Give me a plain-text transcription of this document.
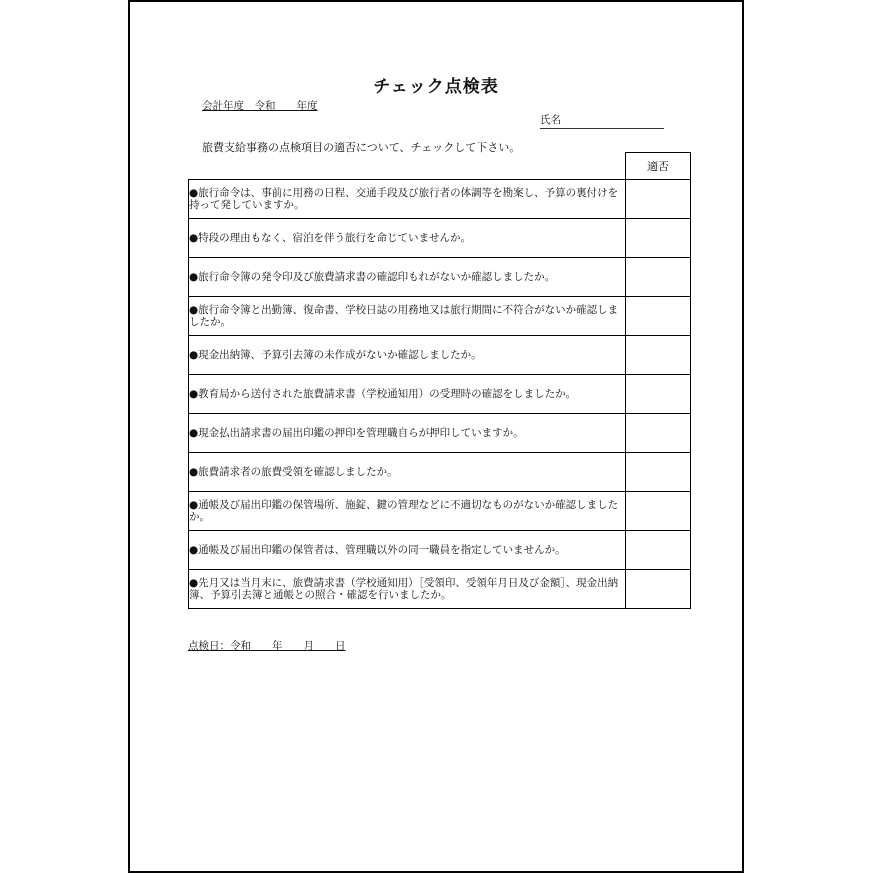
チェック点検表
会計年度　令和　　年度
氏名
旅費支給事務の点検項目の適否について、チェックして下さい。
	適否
●旅行命令は、事前に用務の日程、交通手段及び旅行者の体調等を勘案し、予算の裏付けを持って発していますか。	
●特段の理由もなく、宿泊を伴う旅行を命じていませんか。	
●旅行命令簿の発令印及び旅費請求書の確認印もれがないか確認しましたか。	
●旅行命令簿と出勤簿、復命書、学校日誌の用務地又は旅行期間に不符合がないか確認しましたか。	
●現金出納簿、予算引去簿の未作成がないか確認しましたか。	
●教育局から送付された旅費請求書（学校通知用）の受理時の確認をしましたか。	
●現金払出請求書の届出印鑑の押印を管理職自らが押印していますか。	
●旅費請求者の旅費受領を確認しましたか。	
●通帳及び届出印鑑の保管場所、施錠、鍵の管理などに不適切なものがないか確認しましたか。	
●通帳及び届出印鑑の保管者は、管理職以外の同一職員を指定していませんか。	
●先月又は当月末に、旅費請求書（学校通知用）［受領印、受領年月日及び金額］、現金出納簿、予算引去簿と通帳との照合・確認を行いましたか。	
点検日：令和　　年　　月　　日
